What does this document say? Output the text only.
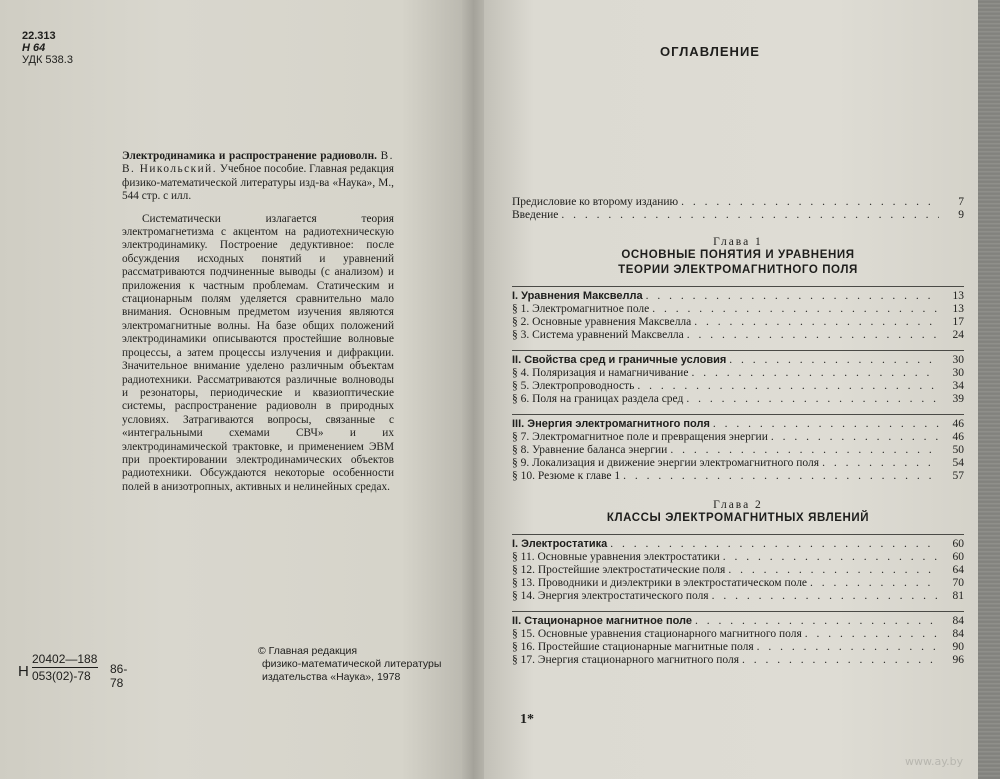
22.313
Н 64
УДК 538.3

Электродинамика и распространение радиоволн. В. В. Никольский. Учебное пособие. Главная редакция физико-математической литературы изд-ва «Наука», М., 544 стр. с илл.

Систематически излагается теория электромагнетизма с акцентом на радиотехническую электродинамику. Построение дедуктивное: после обсуждения исходных понятий и уравнений рассматриваются подчиненные выводы (с анализом) и приложения к частным проблемам. Статическим и стационарным полям уделяется сравнительно мало внимания. Основным предметом изучения являются электромагнитные волны. На базе общих положений электродинамики описываются простейшие волновые процессы, а затем процессы излучения и дифракции. Значительное внимание уделено различным объектам радиотехники. Рассматриваются различные волноводы и резонаторы, периодические и квазиоптические системы, распространение радиоволн в природных условиях. Затрагиваются вопросы, связанные с «интегральными схемами СВЧ» и их электродинамической трактовке, и применением ЭВМ при проектировании электродинамических объектов радиотехники. Обсуждаются некоторые особенности полей в анизотропных, активных и нелинейных средах.

Н $\frac{20402—188}{053(02)-78} 86-78$
© Главная редакция
физико-математической литературы
издательства «Наука», 1978
ОГЛАВЛЕНИЕ
Предисловие ко второму изданию . . .	7
Введение . . .	9
Глава 1
ОСНОВНЫЕ ПОНЯТИЯ И УРАВНЕНИЯ
ТЕОРИИ ЭЛЕКТРОМАГНИТНОГО ПОЛЯ
I. Уравнения Максвелла . . .	13
§ 1. Электромагнитное поле . . .	13
§ 2. Основные уравнения Максвелла . . .	17
§ 3. Система уравнений Максвелла . . .	24
II. Свойства сред и граничные условия . . .	30
§ 4. Поляризация и намагничивание . . .	30
§ 5. Электропроводность . . .	34
§ 6. Поля на границах раздела сред . . .	39
III. Энергия электромагнитного поля . . .	46
§ 7. Электромагнитное поле и превращения энергии . . .	46
§ 8. Уравнение баланса энергии . . .	50
§ 9. Локализация и движение энергии электромагнитного поля . . .	54
§ 10. Резюме к главе 1 . . .	57
Глава 2
КЛАССЫ ЭЛЕКТРОМАГНИТНЫХ ЯВЛЕНИЙ
I. Электростатика . . .	60
§ 11. Основные уравнения электростатики . . .	60
§ 12. Простейшие электростатические поля . . .	64
§ 13. Проводники и диэлектрики в электростатическом поле . . .	70
§ 14. Энергия электростатического поля . . .	81
II. Стационарное магнитное поле . . .	84
§ 15. Основные уравнения стационарного магнитного поля . . .	84
§ 16. Простейшие стационарные магнитные поля . . .	90
§ 17. Энергия стационарного магнитного поля . . .	96
1*
www.ay.by
